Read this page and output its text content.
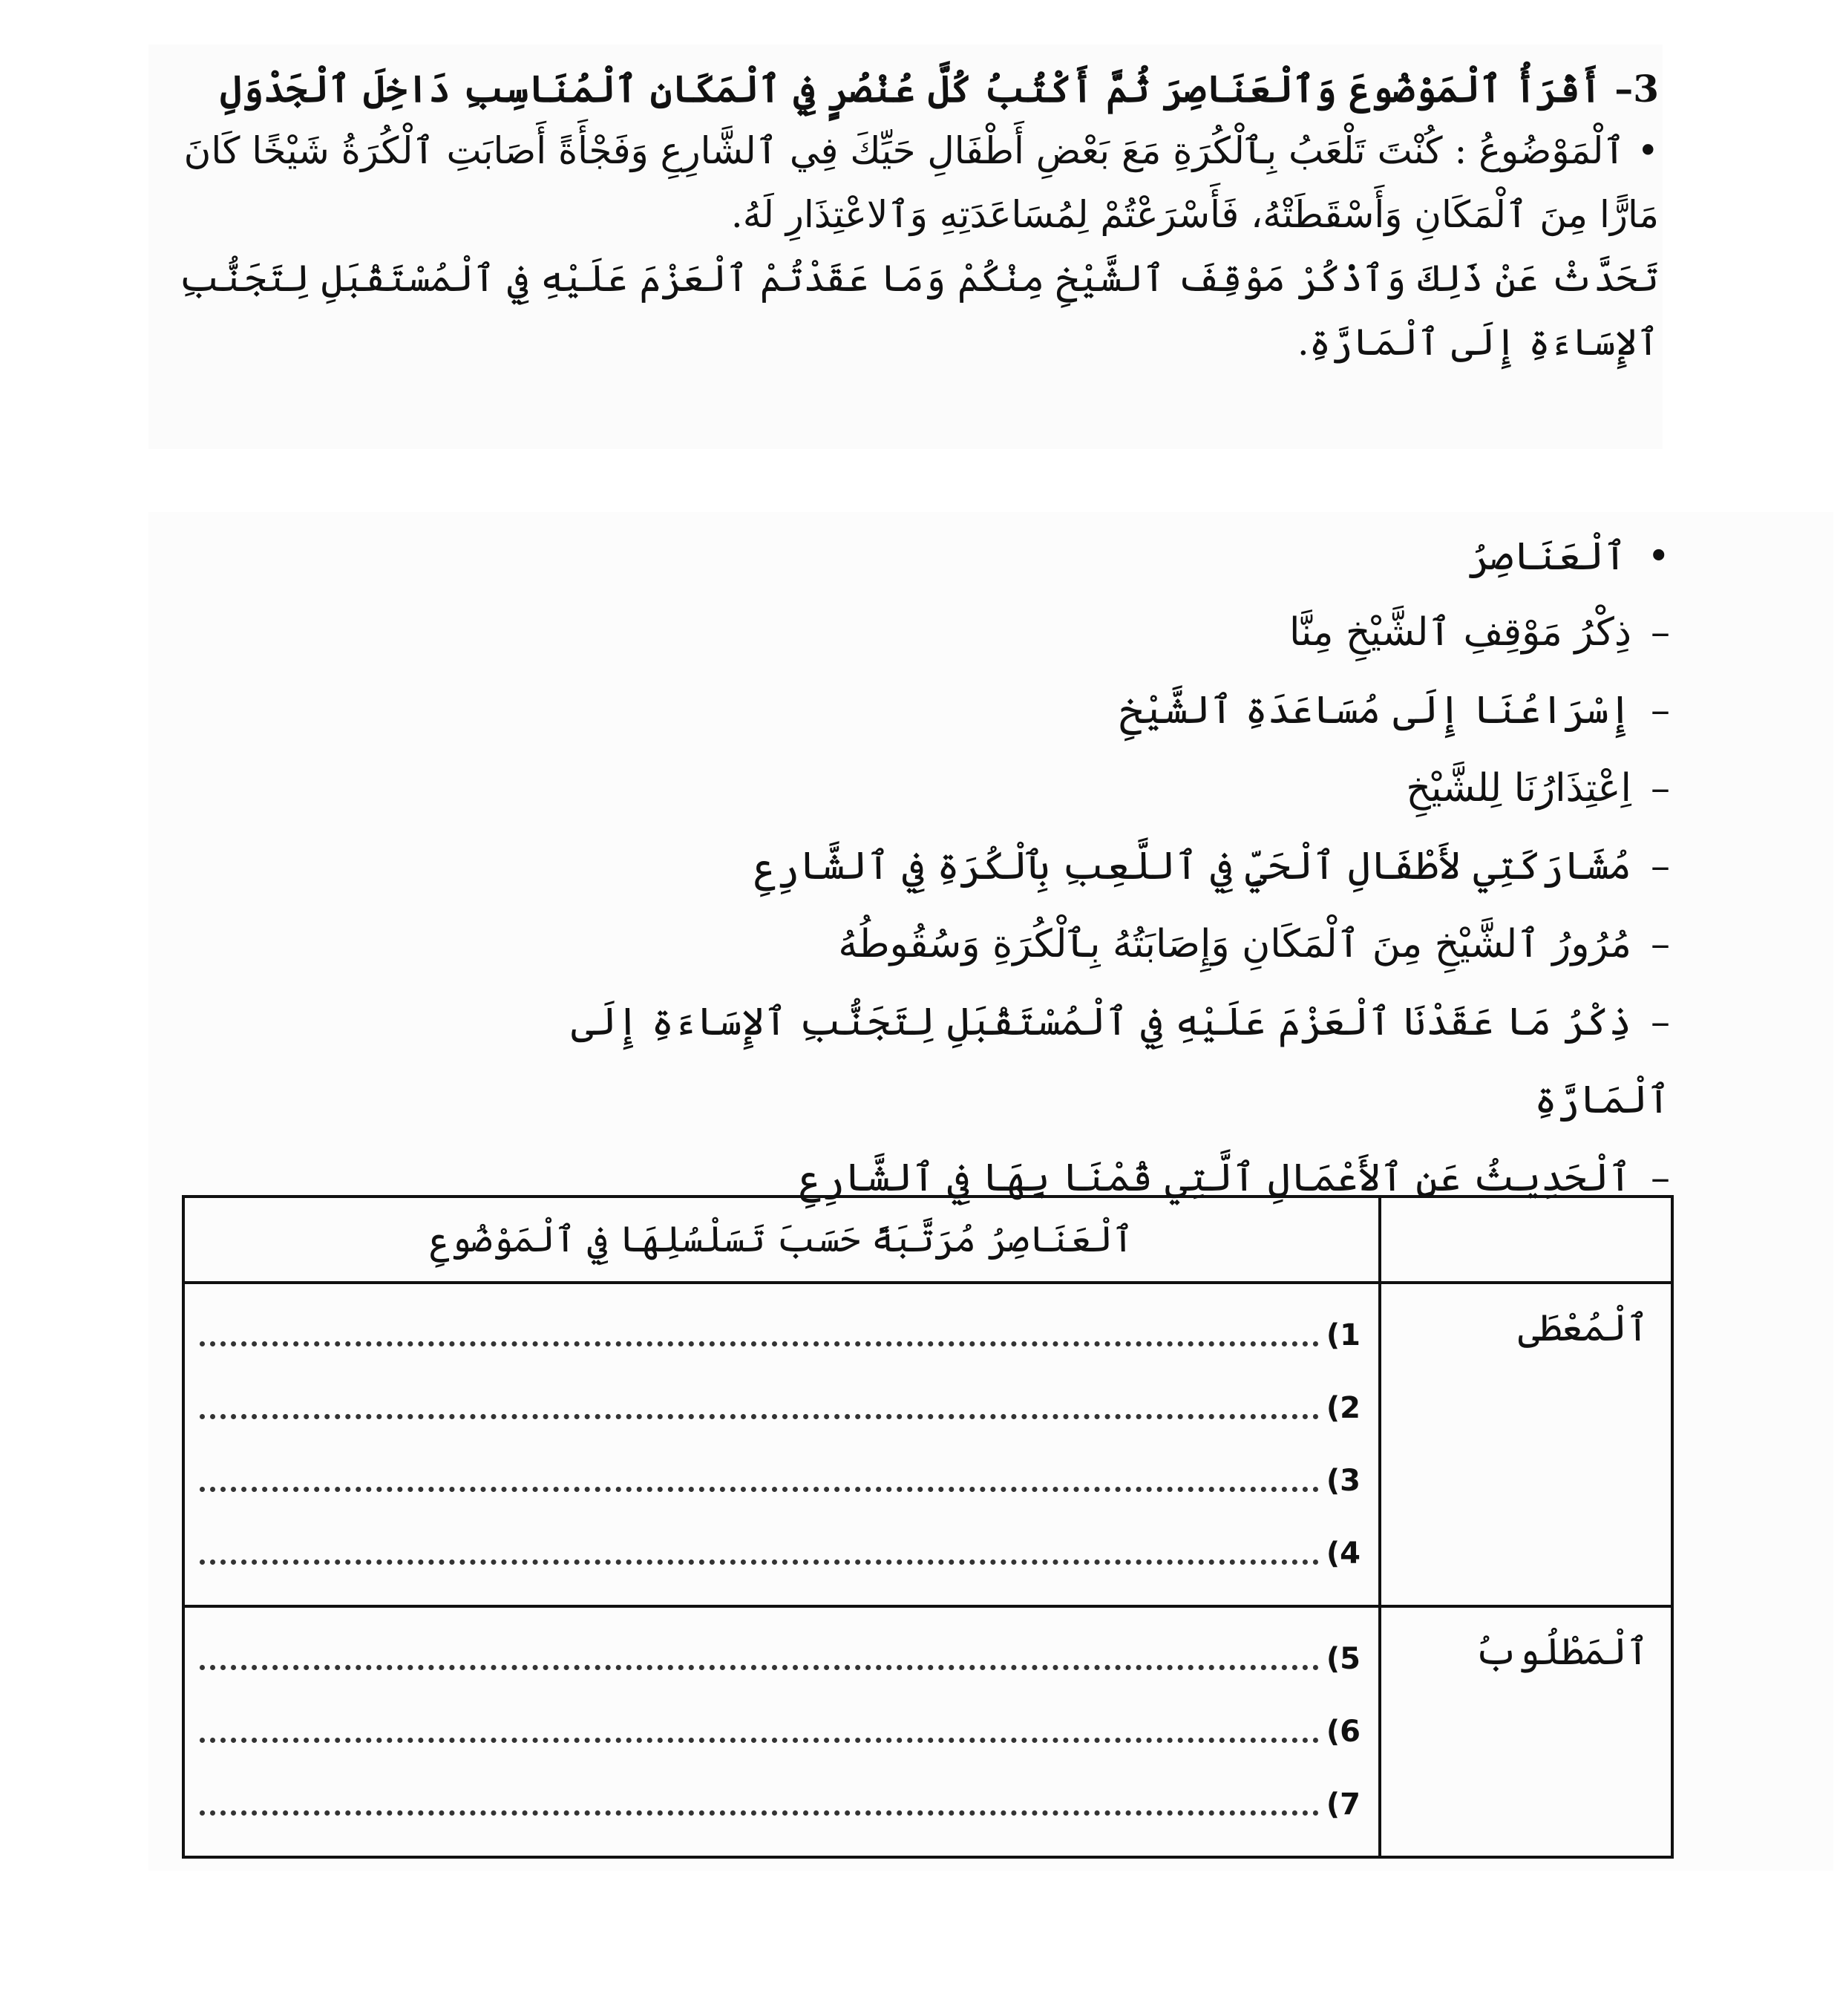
3– أَقْرَأُ ٱلْمَوْضُوعَ وَٱلْعَنَاصِرَ ثُمَّ أَكْتُبُ كُلَّ عُنْصُرٍ فِي ٱلْمَكَانِ ٱلْمُنَاسِبِ دَاخِلَ ٱلْجَدْوَلِ

• ٱلْمَوْضُوعُ : كُنْتَ تَلْعَبُ بِٱلْكُرَةِ مَعَ بَعْضِ أَطْفَالِ حَيِّكَ فِي ٱلشَّارِعِ وَفَجْأَةً أَصَابَتِ ٱلْكُرَةُ شَيْخًا كَانَ مَارًّا مِنَ ٱلْمَكَانِ وَأَسْقَطَتْهُ، فَأَسْرَعْتُمْ لِمُسَاعَدَتِهِ وَٱلاعْتِذَارِ لَهُ.

تَحَدَّثْ عَنْ ذَلِكَ وَٱذْكُرْ مَوْقِفَ ٱلشَّيْخِ مِنْكُمْ وَمَا عَقَدْتُمْ ٱلْعَزْمَ عَلَيْهِ فِي ٱلْمُسْتَقْبَلِ لِتَجَنُّبِ ٱلإِسَاءَةِ إِلَى ٱلْمَارَّةِ.

•ٱلْعَنَاصِرُ
–ذِكْرُ مَوْقِفِ ٱلشَّيْخِ مِنَّا
–إِسْرَاعُنَا إِلَى مُسَاعَدَةِ ٱلشَّيْخِ
–اِعْتِذَارُنَا لِلشَّيْخِ
–مُشَارَكَتِي لأَطْفَالِ ٱلْحَيِّ فِي ٱللَّعِبِ بِٱلْكُرَةِ فِي ٱلشَّارِعِ
–مُرُورُ ٱلشَّيْخِ مِنَ ٱلْمَكَانِ وَإِصَابَتُهُ بِٱلْكُرَةِ وَسُقُوطُهُ
–ذِكْرُ مَا عَقَدْنَا ٱلْعَزْمَ عَلَيْهِ فِي ٱلْمُسْتَقْبَلِ لِتَجَنُّبِ ٱلإِسَاءَةِ إِلَى ٱلْمَارَّةِ
–ٱلْحَدِيثُ عَنِ ٱلأَعْمَالِ ٱلَّتِي قُمْنَا بِهَا فِي ٱلشَّارِعِ
	ٱلْعَنَاصِرُ مُرَتَّبَةً حَسَبَ تَسَلْسُلِهَا فِي ٱلْمَوْضُوعِ
ٱلْمُعْطَى	1)
2)
3)
4)

ٱلْمَطْلُوبُ	5)
6)
7)
